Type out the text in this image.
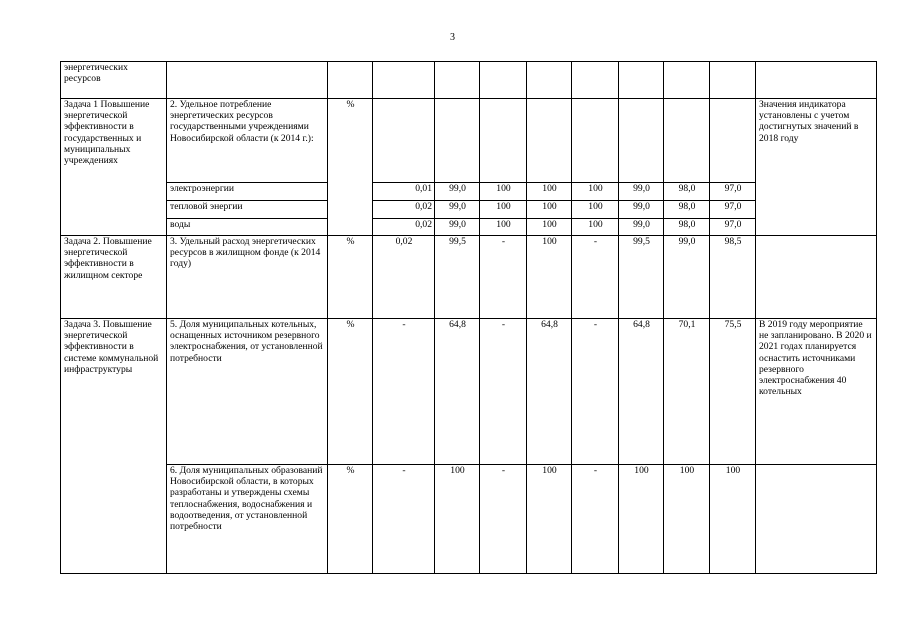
3
энергетических ресурсов											
Задача 1 Повышение энергетической эффективности в государственных и муниципальных учреждениях	2. Удельное потребление энергетических ресурсов государственными учреждениями Новосибирской области (к 2014 г.):	%									Значения индикатора установлены с учетом достигнутых значений в 2018 году
	электроэнергии		0,01	99,0	100	100	100	99,0	98,0	97,0	
	тепловой энергии		0,02	99,0	100	100	100	99,0	98,0	97,0	
	воды		0,02	99,0	100	100	100	99,0	98,0	97,0	
Задача 2. Повышение энергетической эффективности в жилищном секторе	3. Удельный расход энергетических ресурсов в жилищном фонде (к 2014 году)	%	0,02	99,5	-	100	-	99,5	99,0	98,5	
Задача 3. Повышение энергетической эффективности в системе коммунальной инфраструктуры	5. Доля муниципальных котельных, оснащенных источником резервного электроснабжения, от установленной потребности	%	-	64,8	-	64,8	-	64,8	70,1	75,5	В 2019 году мероприятие не запланировано. В 2020 и 2021 годах планируется оснастить источниками резервного электроснабжения 40 котельных
	6. Доля муниципальных образований Новосибирской области, в которых разработаны и утверждены схемы теплоснабжения, водоснабжения и водоотведения, от установленной потребности	%	-	100	-	100	-	100	100	100	
